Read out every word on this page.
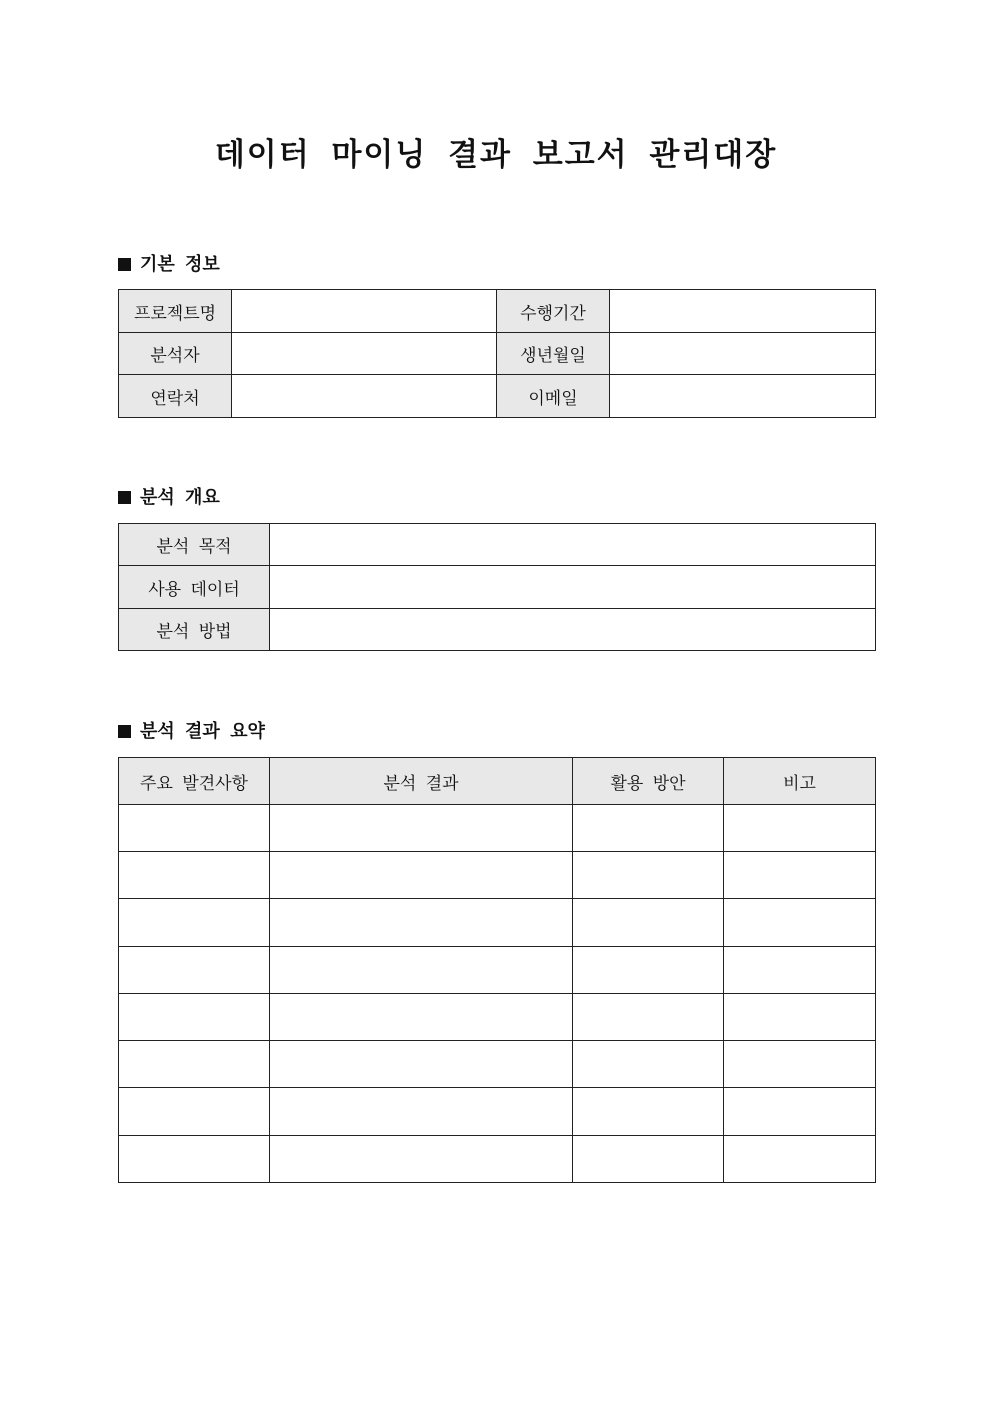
데이터 마이닝 결과 보고서 관리대장
기본 정보
프로젝트명		수행기간	
분석자		생년월일	
연락처		이메일	
분석 개요
분석 목적	
사용 데이터	
분석 방법	
분석 결과 요약
주요 발견사항	분석 결과	활용 방안	비고
